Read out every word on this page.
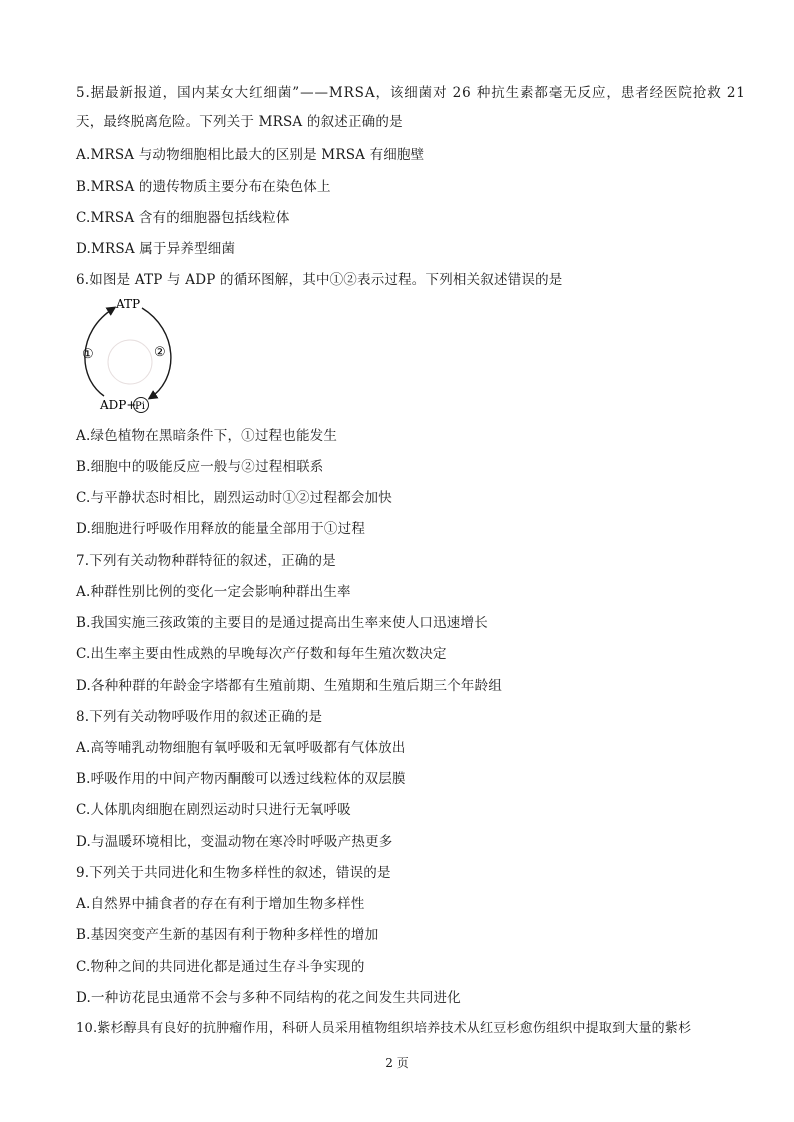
5.据最新报道，国内某女大红细菌”——MRSA，该细菌对 26 种抗生素都毫无反应，患者经医院抢救 21
天，最终脱离危险。下列关于 MRSA 的叙述正确的是
A.MRSA 与动物细胞相比最大的区别是 MRSA 有细胞壁
B.MRSA 的遗传物质主要分布在染色体上
C.MRSA 含有的细胞器包括线粒体
D.MRSA 属于异养型细菌
6.如图是 ATP 与 ADP 的循环图解，其中①②表示过程。下列相关叙述错误的是
ATP
①	②
ADP+
Pi
A.绿色植物在黑暗条件下，①过程也能发生
B.细胞中的吸能反应一般与②过程相联系
C.与平静状态时相比，剧烈运动时①②过程都会加快
D.细胞进行呼吸作用释放的能量全部用于①过程
7.下列有关动物种群特征的叙述，正确的是
A.种群性别比例的变化一定会影响种群出生率
B.我国实施三孩政策的主要目的是通过提高出生率来使人口迅速增长
C.出生率主要由性成熟的早晚每次产仔数和每年生殖次数决定
D.各种种群的年龄金字塔都有生殖前期、生殖期和生殖后期三个年龄组
8.下列有关动物呼吸作用的叙述正确的是
A.高等哺乳动物细胞有氧呼吸和无氧呼吸都有气体放出
B.呼吸作用的中间产物丙酮酸可以透过线粒体的双层膜
C.人体肌肉细胞在剧烈运动时只进行无氧呼吸
D.与温暖环境相比，变温动物在寒冷时呼吸产热更多
9.下列关于共同进化和生物多样性的叙述，错误的是
A.自然界中捕食者的存在有利于增加生物多样性
B.基因突变产生新的基因有利于物种多样性的增加
C.物种之间的共同进化都是通过生存斗争实现的
D.一种访花昆虫通常不会与多种不同结构的花之间发生共同进化
10.紫杉醇具有良好的抗肿瘤作用，科研人员采用植物组织培养技术从红豆杉愈伤组织中提取到大量的紫杉
2 页
